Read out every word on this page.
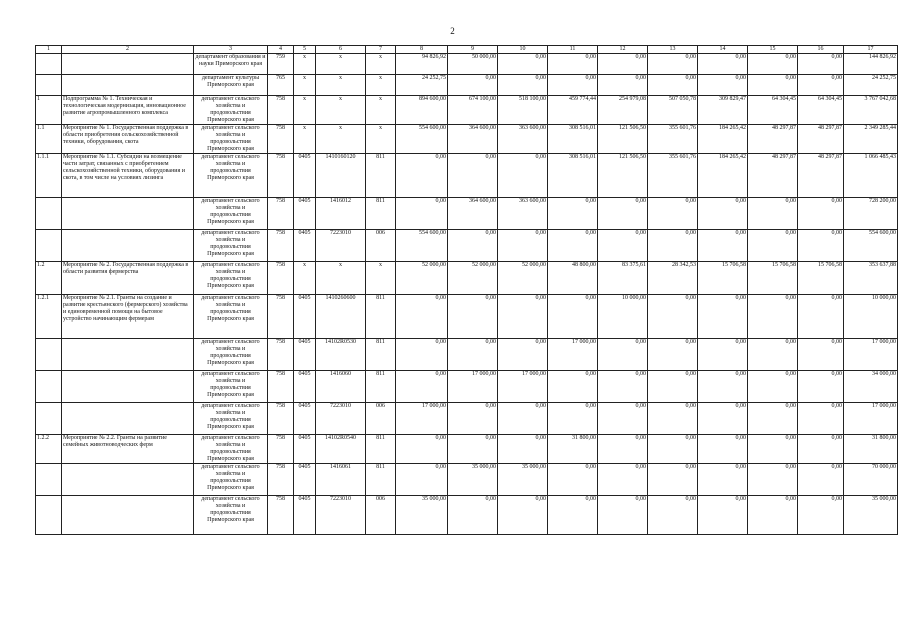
2
1	2	3	4	5	6	7	8	9	10	11	12	13	14	15	16	17
		департамент образования и науки Приморского края	759	x	x	x	94 826,92	50 000,00	0,00	0,00	0,00	0,00	0,00	0,00	0,00	144 826,92
		департамент культуры Приморского края	765	x	x	x	24 252,75	0,00	0,00	0,00	0,00	0,00	0,00	0,00	0,00	24 252,75
1	Подпрограмма № 1. Техническая и технологическая модернизация, инновационное развитие агропромышленного комплекса	департамент сельского хозяйства и продовольствия Приморского края	758	x	x	x	894 600,00	674 100,00	518 100,00	459 774,44	254 979,08	507 050,78	309 829,47	64 304,45	64 304,45	3 767 042,68
1.1	Мероприятие № 1. Государственная поддержка в области приобретения сельскохозяйственной техники, оборудования, скота	департамент сельского хозяйства и продовольствия Приморского края	758	x	x	x	554 600,00	364 600,00	363 600,00	308 516,01	121 506,50	355 601,76	184 265,42	48 297,87	48 297,87	2 349 285,44
1.1.1	Мероприятие № 1.1. Субсидии на возмещение части затрат, связанных с приобретением сельскохозяйственной техники, оборудования и скота, в том числе на условиях лизинга	департамент сельского хозяйства и продовольствия Приморского края	758	0405	1410160120	811	0,00	0,00	0,00	308 516,01	121 506,50	355 601,76	184 265,42	48 297,87	48 297,87	1 066 485,43
		департамент сельского хозяйства и продовольствия Приморского края	758	0405	1416012	811	0,00	364 600,00	363 600,00	0,00	0,00	0,00	0,00	0,00	0,00	728 200,00
		департамент сельского хозяйства и продовольствия Приморского края	758	0405	7223010	006	554 600,00	0,00	0,00	0,00	0,00	0,00	0,00	0,00	0,00	554 600,00
1.2	Мероприятие № 2. Государственная поддержка в области развития фермерства	департамент сельского хозяйства и продовольствия Приморского края	758	x	x	x	52 000,00	52 000,00	52 000,00	48 800,00	83 375,61	28 342,53	15 706,58	15 706,58	15 706,58	353 637,88
1.2.1	Мероприятие № 2.1. Гранты на создание и развитие крестьянского (фермерского) хозяйства и единовременной помощи на бытовое устройство начинающим фермерам	департамент сельского хозяйства и продовольствия Приморского края	758	0405	1410260600	811	0,00	0,00	0,00	0,00	10 000,00	0,00	0,00	0,00	0,00	10 000,00
		департамент сельского хозяйства и продовольствия Приморского края	758	0405	14102R0530	811	0,00	0,00	0,00	17 000,00	0,00	0,00	0,00	0,00	0,00	17 000,00
		департамент сельского хозяйства и продовольствия Приморского края	758	0405	1416060	811	0,00	17 000,00	17 000,00	0,00	0,00	0,00	0,00	0,00	0,00	34 000,00
		департамент сельского хозяйства и продовольствия Приморского края	758	0405	7223010	006	17 000,00	0,00	0,00	0,00	0,00	0,00	0,00	0,00	0,00	17 000,00
1.2.2	Мероприятие № 2.2. Гранты на развитие семейных животноводческих ферм	департамент сельского хозяйства и продовольствия Приморского края	758	0405	14102R0540	811	0,00	0,00	0,00	31 800,00	0,00	0,00	0,00	0,00	0,00	31 800,00
		департамент сельского хозяйства и продовольствия Приморского края	758	0405	1416061	811	0,00	35 000,00	35 000,00	0,00	0,00	0,00	0,00	0,00	0,00	70 000,00
		департамент сельского хозяйства и продовольствия Приморского края	758	0405	7223010	006	35 000,00	0,00	0,00	0,00	0,00	0,00	0,00	0,00	0,00	35 000,00
